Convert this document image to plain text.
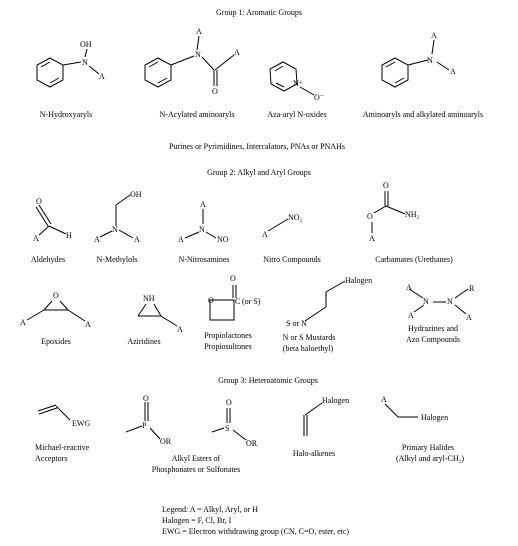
Group 1: Aromatic Groups
Purines or Pyrimidines, Intercalators, PNAs or PNAHs
Group 2: Alkyl and Aryl Groups
Group 3: Heteroatomic Groups
OH
N
A
A
N	A
O
N⁺
O⁻
A
N
A
N-Hydroxyaryls	N-Acylated aminoaryls	Aza-aryl N-oxides	Aminoaryls and alkylated aminoaryls
O
A	H
OH
N
A	A
A
N
A	NO
A
NO₂
O
NH₂
O
A
Aldehydes	N-Methylols	N-Nitrosamines	Nitro Compounds	Carbamates (Urethanes)
O
A	A
NH
A
O
O	C (or S)
Halogen
S or N
A
N N
R
A	A
Epoxides	Aziridines
Propiolactones
Propiosultones
N or S Mustards
(beta haloethyl)
Hydrazines and
Azo Compounds
EWG
O
P
OR
O
S
OR
Halogen	A
Halogen
Michael-reactive
Acceptors	Alkyl Esters of
Phosphonates or Sulfonates
Halo-alkenes
Primary Halides
(Alkyl and aryl-CH₂)
Legend: A = Alkyl, Aryl, or H
Halogen = F, Cl, Br, I
EWG = Electron withdrawing group (CN, C=O, ester, etc)
